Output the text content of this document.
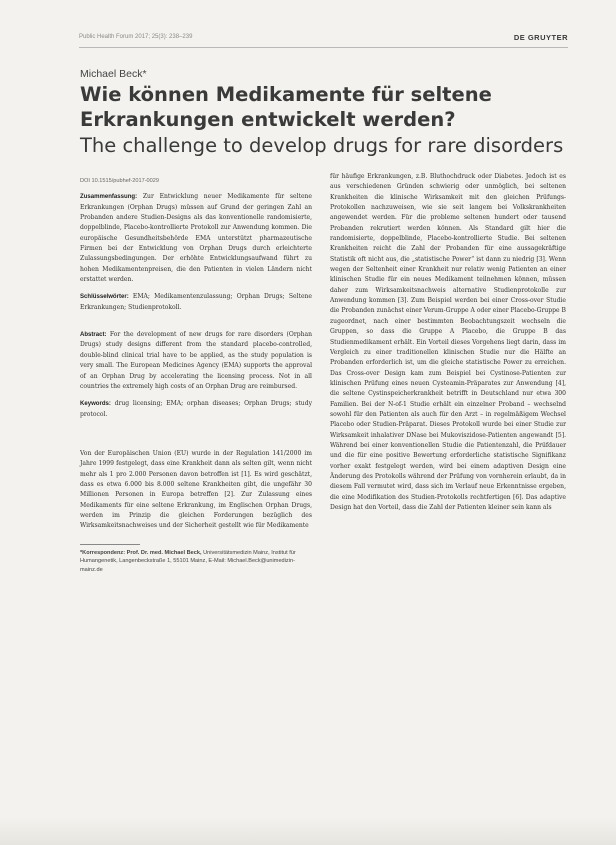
Public Health Forum 2017; 25(3): 238–239	DE GRUYTER
Michael Beck*
Wie können Medikamente für seltene Erkrankungen entwickelt werden?
The challenge to develop drugs for rare disorders
DOI 10.1515/pubhef-2017-0029

Zusammenfassung: Zur Entwicklung neuer Medikamente für seltene Erkrankungen (Orphan Drugs) müssen auf Grund der geringen Zahl an Probanden andere Studien-Designs als das konventionelle randomisierte, doppelblinde, Placebo-kontrollierte Protokoll zur Anwendung kommen. Die europäische Gesundheitsbehörde EMA unterstützt pharmazeutische Firmen bei der Entwicklung von Orphan Drugs durch erleichterte Zulassungsbedingungen. Der erhöhte Entwicklungsaufwand führt zu hohen Medikamentenpreisen, die den Patienten in vielen Ländern nicht erstattet werden.

Schlüsselwörter: EMA; Medikamentenzulassung; Orphan Drugs; Seltene Erkrankungen; Studienprotokoll.

Abstract: For the development of new drugs for rare disorders (Orphan Drugs) study designs different from the standard placebo-controlled, double-blind clinical trial have to be applied, as the study population is very small. The European Medicines Agency (EMA) supports the approval of an Orphan Drug by accelerating the licensing process. Not in all countries the extremely high costs of an Orphan Drug are reimbursed.

Keywords: drug licensing; EMA; orphan diseases; Orphan Drugs; study protocol.

Von der Europäischen Union (EU) wurde in der Regulation 141/2000 im Jahre 1999 festgelegt, dass eine Krankheit dann als selten gilt, wenn nicht mehr als 1 pro 2.000 Personen davon betroffen ist [1]. Es wird geschätzt, dass es etwa 6.000 bis 8.000 seltene Krankheiten gibt, die ungefähr 30 Millionen Personen in Europa betreffen [2]. Zur Zulassung eines Medikaments für eine seltene Erkrankung, im Englischen Orphan Drugs, werden im Prinzip die gleichen Forderungen bezüglich des Wirksamkeitsnachweises und der Sicherheit gestellt wie für Medikamente

*Korrespondenz: Prof. Dr. med. Michael Beck, Universitätsmedizin Mainz, Institut für Humangenetik, Langenbeckstraße 1, 55101 Mainz, E-Mail: Michael.Beck@unimedizin-mainz.de

für häufige Erkrankungen, z.B. Bluthochdruck oder Diabetes. Jedoch ist es aus verschiedenen Gründen schwierig oder unmöglich, bei seltenen Krankheiten die klinische Wirksamkeit mit den gleichen Prüfungs-Protokollen nachzuweisen, wie sie seit langem bei Volkskrankheiten angewendet werden. Für die probleme seltenen hundert oder tausend Probanden rekrutiert werden können. Als Standard gilt hier die randomisierte, doppelblinde, Placebo-kontrollierte Studie. Bei seltenen Krankheiten reicht die Zahl der Probanden für eine aussagekräftige Statistik oft nicht aus, die „statistische Power“ ist dann zu niedrig [3]. Wenn wegen der Seltenheit einer Krankheit nur relativ wenig Patienten an einer klinischen Studie für ein neues Medikament teilnehmen können, müssen daher zum Wirksamkeitsnachweis alternative Studienprotokolle zur Anwendung kommen [3]. Zum Beispiel werden bei einer Cross-over Studie die Probanden zunächst einer Verum-Gruppe A oder einer Placebo-Gruppe B zugeordnet, nach einer bestimmten Beobachtungszeit wechseln die Gruppen, so dass die Gruppe A Placebo, die Gruppe B das Studienmedikament erhält. Ein Vorteil dieses Vorgehens liegt darin, dass im Vergleich zu einer traditionellen klinischen Studie nur die Hälfte an Probanden erforderlich ist, um die gleiche statistische Power zu erreichen. Das Cross-over Design kam zum Beispiel bei Cystinose-Patienten zur klinischen Prüfung eines neuen Cysteamin-Präparates zur Anwendung [4], die seltene Cystinspeicherkrankheit betrifft in Deutschland nur etwa 300 Familien. Bei der N-of-1 Studie erhält ein einzelner Proband – wechselnd sowohl für den Patienten als auch für den Arzt – in regelmäßigem Wechsel Placebo oder Studien-Präparat. Dieses Protokoll wurde bei einer Studie zur Wirksamkeit inhalativer DNase bei Mukoviszidose-Patienten angewandt [5]. Während bei einer konventionellen Studie die Patientenzahl, die Prüfdauer und die für eine positive Bewertung erforderliche statistische Signifikanz vorher exakt festgelegt werden, wird bei einem adaptiven Design eine Änderung des Protokolls während der Prüfung von vornherein erlaubt, da in diesem Fall vermutet wird, dass sich im Verlauf neue Erkenntnisse ergeben, die eine Modifikation des Studien-Protokolls rechtfertigen [6]. Das adaptive Design hat den Vorteil, dass die Zahl der Patienten kleiner sein kann als
